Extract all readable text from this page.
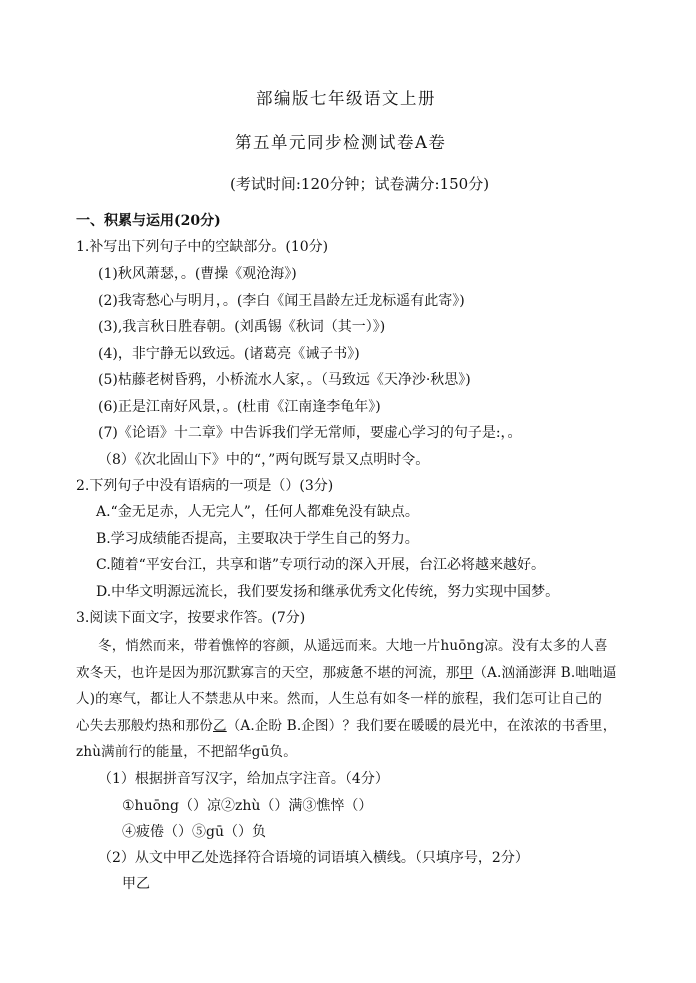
部编版七年级语文上册
第五单元同步检测试卷A卷
(考试时间:120分钟；试卷满分:150分)
一、积累与运用(20分)
1.补写出下列句子中的空缺部分。(10分)
(1)秋风萧瑟，。(曹操《观沧海》)
(2)我寄愁心与明月，。(李白《闻王昌龄左迁龙标遥有此寄》)
(3),我言秋日胜春朝。(刘禹锡《秋词（其一）》)
(4)，非宁静无以致远。(诸葛亮《诫子书》)
(5)枯藤老树昏鸦，小桥流水人家，。（马致远《天净沙·秋思》)
(6)正是江南好风景，。(杜甫《江南逢李龟年》)
(7)《论语》十二章》中告诉我们学无常师，要虚心学习的句子是:，。
（8）《次北固山下》中的“，”两句既写景又点明时令。
2.下列句子中没有语病的一项是（）(3分)
A.“金无足赤，人无完人”，任何人都难免没有缺点。
B.学习成绩能否提高，主要取决于学生自己的努力。
C.随着“平安台江，共享和谐”专项行动的深入开展，台江必将越来越好。
D.中华文明源远流长，我们要发扬和继承优秀文化传统，努力实现中国梦。
3.阅读下面文字，按要求作答。(7分)
冬，悄然而来，带着憔悴的容颜，从遥远而来。大地一片huōng凉。没有太多的人喜
欢冬天，也许是因为那沉默寡言的天空，那疲惫不堪的河流，那甲（A.汹涌澎湃 B.咄咄逼
人)的寒气，都让人不禁悲从中来。然而，人生总有如冬一样的旅程，我们怎可让自己的
心失去那般灼热和那份乙（A.企盼 B.企图）？我们要在暖暖的晨光中，在浓浓的书香里，
zhù满前行的能量，不把韶华gū负。
（1）根据拼音写汉字，给加点字注音。（4分）
①huōng（）凉②zhù（）满③憔悴（）
④疲倦（）⑤gū（）负
（2）从文中甲乙处选择符合语境的词语填入横线。（只填序号，2分）
甲乙
